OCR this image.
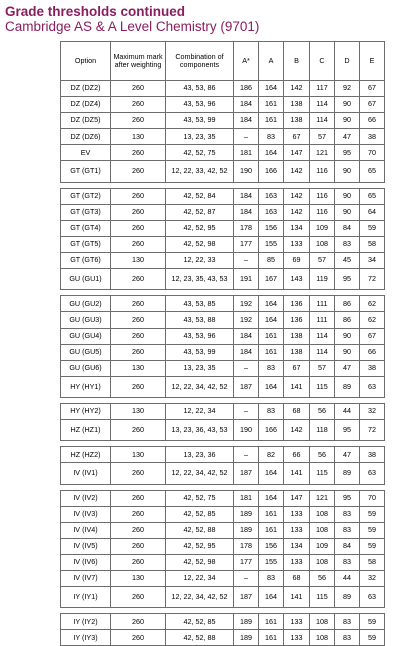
Grade thresholds continued
Cambridge AS & A Level Chemistry (9701)
Option	Maximum mark after weighting	Combination of components	A*	A	B	C	D	E
DZ (DZ2)	260	43, 53, 86	186	164	142	117	92	67
DZ (DZ4)	260	43, 53, 96	184	161	138	114	90	67
DZ (DZ5)	260	43, 53, 99	184	161	138	114	90	66
DZ (DZ6)	130	13, 23, 35	–	83	67	57	47	38
EV	260	42, 52, 75	181	164	147	121	95	70
GT (GT1)	260	12, 22, 33, 42, 52	190	166	142	116	90	65

GT (GT2)	260	42, 52, 84	184	163	142	116	90	65
GT (GT3)	260	42, 52, 87	184	163	142	116	90	64
GT (GT4)	260	42, 52, 95	178	156	134	109	84	59
GT (GT5)	260	42, 52, 98	177	155	133	108	83	58
GT (GT6)	130	12, 22, 33	–	85	69	57	45	34
GU (GU1)	260	12, 23, 35, 43, 53	191	167	143	119	95	72

GU (GU2)	260	43, 53, 85	192	164	136	111	86	62
GU (GU3)	260	43, 53, 88	192	164	136	111	86	62
GU (GU4)	260	43, 53, 96	184	161	138	114	90	67
GU (GU5)	260	43, 53, 99	184	161	138	114	90	66
GU (GU6)	130	13, 23, 35	–	83	67	57	47	38
HY (HY1)	260	12, 22, 34, 42, 52	187	164	141	115	89	63

HY (HY2)	130	12, 22, 34	–	83	68	56	44	32
HZ (HZ1)	260	13, 23, 36, 43, 53	190	166	142	118	95	72

HZ (HZ2)	130	13, 23, 36	–	82	66	56	47	38
IV (IV1)	260	12, 22, 34, 42, 52	187	164	141	115	89	63

IV (IV2)	260	42, 52, 75	181	164	147	121	95	70
IV (IV3)	260	42, 52, 85	189	161	133	108	83	59
IV (IV4)	260	42, 52, 88	189	161	133	108	83	59
IV (IV5)	260	42, 52, 95	178	156	134	109	84	59
IV (IV6)	260	42, 52, 98	177	155	133	108	83	58
IV (IV7)	130	12, 22, 34	–	83	68	56	44	32
IY (IY1)	260	12, 22, 34, 42, 52	187	164	141	115	89	63

IY (IY2)	260	42, 52, 85	189	161	133	108	83	59
IY (IY3)	260	42, 52, 88	189	161	133	108	83	59
